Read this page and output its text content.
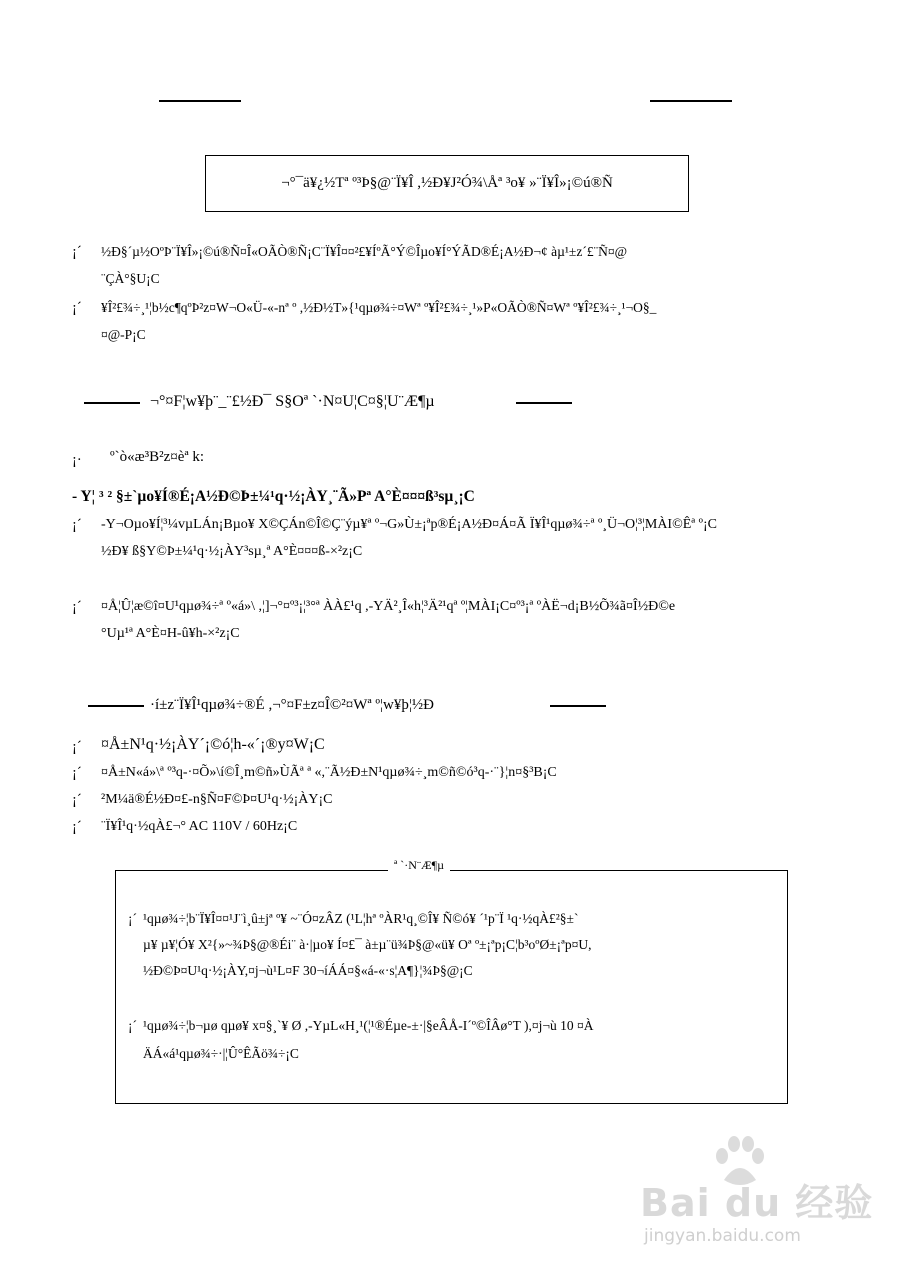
¬°¯ä¥¿½Tª º³Þ§@¨Ï¥Î ,½Ð¥J²Ó¾\Åª ³o¥ »¨Ï¥Î»¡©ú®Ñ
¡´ ½Ð§´µ½OºÞ¨Ï¥Î»¡©ú®Ñ¤Î«OÃÒ®Ñ¡C¨Ï¥Î¤¤²£¥ÍºÃ°Ý©Îµo¥Í°ÝÃD®É¡A½Ð¬¢ àµ¹±z´£¨Ñ¤@
¨ÇÀ°§U¡C
¡´ ¥Î²£¾÷¸¹¦b½c¶qºÞ²z¤W¬O«Ü-«-nª º ,½Ð½T»{¹qµø¾÷¤Wª º¥Î²£¾÷¸¹»P«OÃÒ®Ñ¤Wª º¥Î²£¾÷¸¹¬O§_
¤@-P¡C
¬°¤F¦w¥þ¨_¨£½Ð¯ S§Oª `·N¤U¦C¤§¦U¨Æ¶µ
¡· º`ò«æ³B²z¤èª k:
- Y¦ ³ ² §±`µo¥Í®É¡A½Ð©Þ±¼¹q·½¡ÀY¸¨Ã»Pª A°È¤¤¤ß³sµ¸¡C
¡´ -Y¬Oµo¥Í¦³¼vµLÁn¡Bµo¥ X©ÇÁn©Î©Ç¨ýµ¥ª º¬G»Ù±¡ªp®É¡A½Ð¤Á¤Ã Ï¥Î¹qµø¾÷ª º¸Ü¬O¦³¦MÀI©Êª º¡C
½Ð¥ ß§Y©Þ±¼¹q·½¡ÀY³sµ¸ª A°È¤¤¤ß-×²z¡C
¡´ ¤Å¦Û¦æ©î¤U¹qµø¾÷ª º«á»\ ,¦]¬°¤º³¡¦³°ª ÀÀ£¹q ,-YÄ²¸Î«h¦³Ä²¹qª º¦MÀI¡C¤º³¡ª ºÀË¬d¡B½Õ¾ã¤Î½Ð©e
°Uµ¹ª A°È¤H-û¥h-×²z¡C
·í±z¨Ï¥Î¹qµø¾÷®É ,¬°¤F±z¤Î©²¤Wª º¦w¥þ¦½Ð
¡´ ¤Å±N¹q·½¡ÀY´¡©ó¦h-«´¡®y¤W¡C
¡´ ¤Å±N«á»\ª º³q-·¤Õ»\í©Î¸m©ñ»ÙÃª ª «,¨Ã½Ð±N¹qµø¾÷¸m©ñ©ó³q-·¨}¦n¤§³B¡C
¡´ ²M¼ä®É½Ð¤£-n§Ñ¤F©Þ¤U¹q·½¡ÀY¡C
¡´ ¨Ï¥Î¹q·½qÀ£¬° AC 110V / 60Hz¡C
ª `·N¨Æ¶µ
¡´ ¹qµø¾÷¦b¨Ï¥Î¤¤¹J¨ì¸û±jª º¥ ~¨Ó¤zÂZ (¹L¦hª ºÀR¹q¸©Î¥ Ñ©ó¥ ´¹p¨Ï ¹q·½qÀ£²§±`
µ¥ µ¥¦Ó¥ X²{»~¾Þ§@®Éi¨ à·|µo¥ Í¤£¯ à±µ¨ü¾Þ§@«ü¥ Oª º±¡ªp¡C¦b³oºØ±¡ªp¤U,
½Ð©Þ¤U¹q·½¡ÀY,¤j¬ù¹L¤F 30¬íÁÁ¤§«á-«·s¦A¶}¦¾Þ§@¡C
¡´ ¹qµø¾÷¦b¬µø qµø¥ x¤§¸`¥ Ø ,-YµL«H¸¹(¦¹®Éµe-±·|§eÂÅ-I´º©ÎÂø°T ),¤j¬ù 10 ¤À
ÄÁ«á¹qµø¾÷·|¦Û°ÊÃö¾÷¡C
Bai du 经验
jingyan.baidu.com
